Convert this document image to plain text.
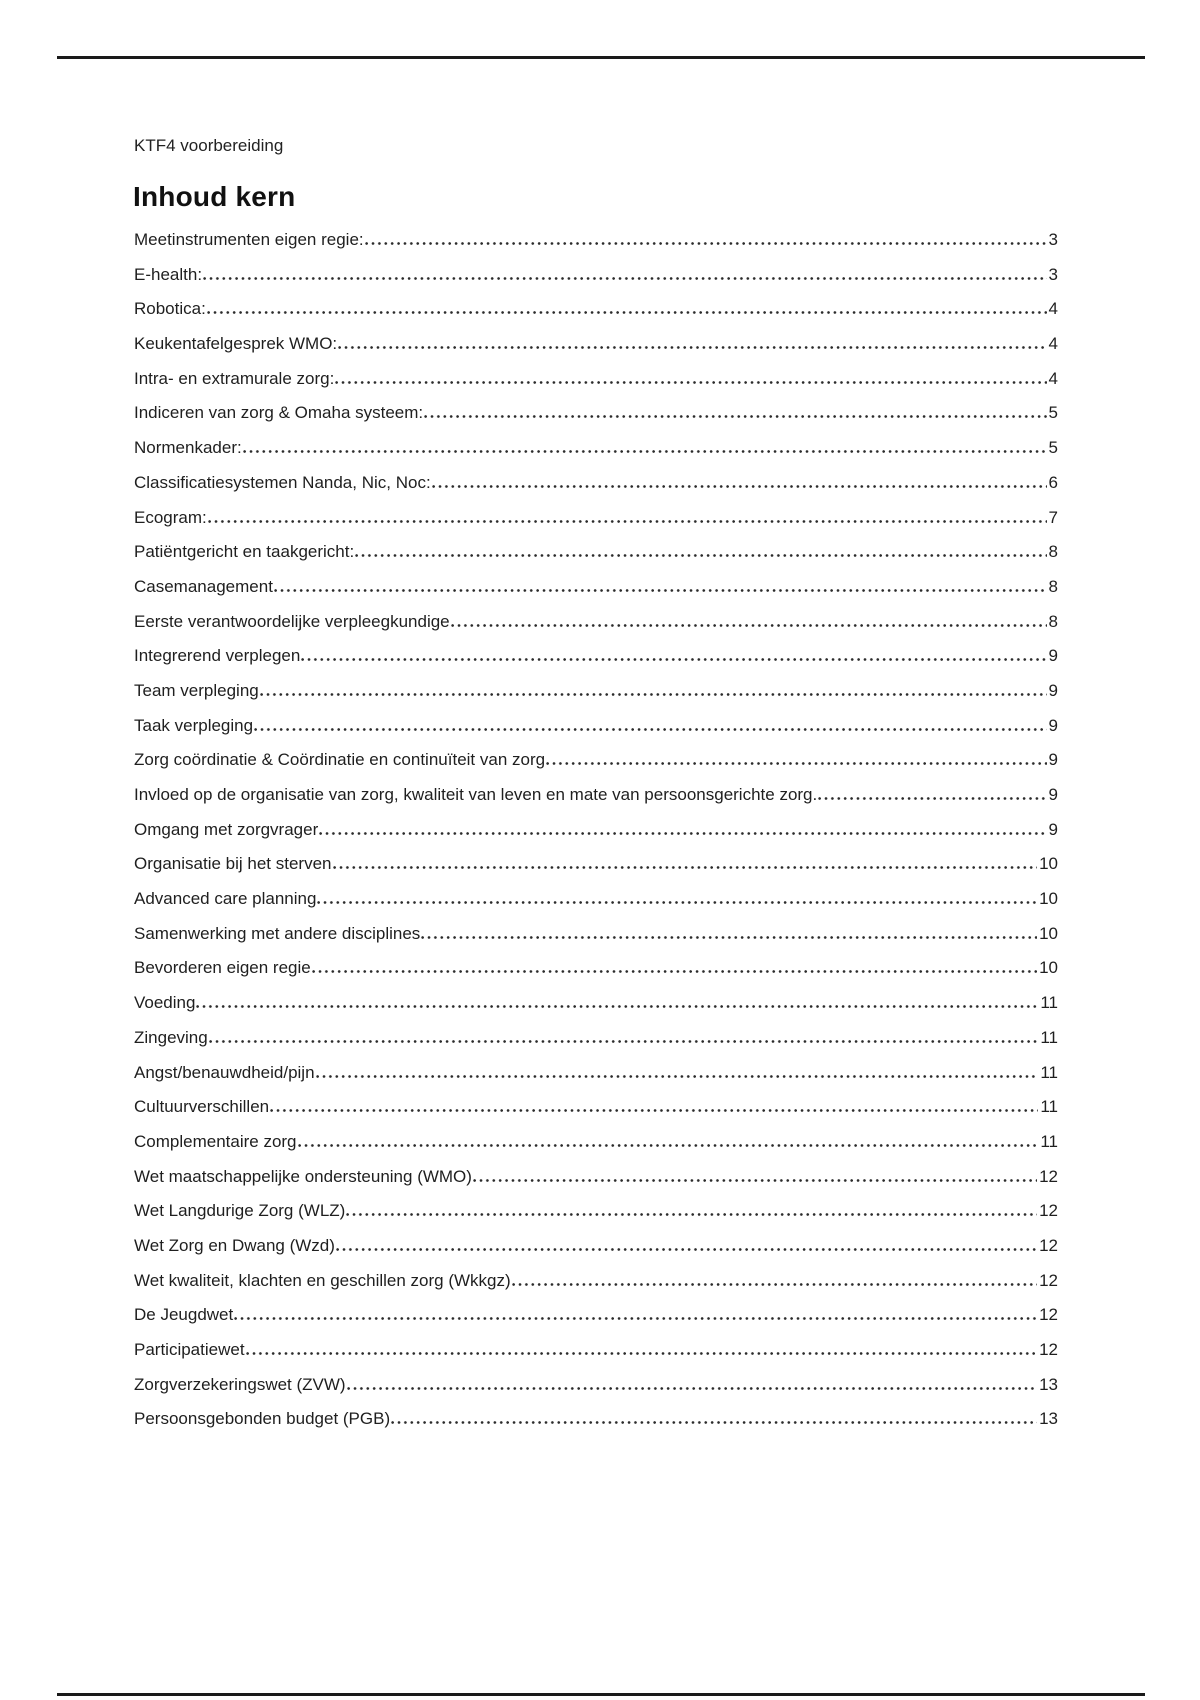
KTF4 voorbereiding
Inhoud kern
Meetinstrumenten eigen regie:	3
E-health:	3
Robotica:	4
Keukentafelgesprek WMO:	4
Intra- en extramurale zorg:	4
Indiceren van zorg & Omaha systeem:	5
Normenkader:	5
Classificatiesystemen Nanda, Nic, Noc:	6
Ecogram:	7
Patiëntgericht en taakgericht:	8
Casemanagement	8
Eerste verantwoordelijke verpleegkundige	8
Integrerend verplegen	9
Team verpleging	9
Taak verpleging	9
Zorg coördinatie & Coördinatie en continuïteit van zorg	9
Invloed op de organisatie van zorg, kwaliteit van leven en mate van persoonsgerichte zorg.	9
Omgang met zorgvrager	9
Organisatie bij het sterven	10
Advanced care planning	10
Samenwerking met andere disciplines	10
Bevorderen eigen regie	10
Voeding	11
Zingeving	11
Angst/benauwdheid/pijn	11
Cultuurverschillen	11
Complementaire zorg	11
Wet maatschappelijke ondersteuning (WMO)	12
Wet Langdurige Zorg (WLZ)	12
Wet Zorg en Dwang (Wzd)	12
Wet kwaliteit, klachten en geschillen zorg (Wkkgz)	12
De Jeugdwet	12
Participatiewet	12
Zorgverzekeringswet (ZVW)	13
Persoonsgebonden budget (PGB)	13
